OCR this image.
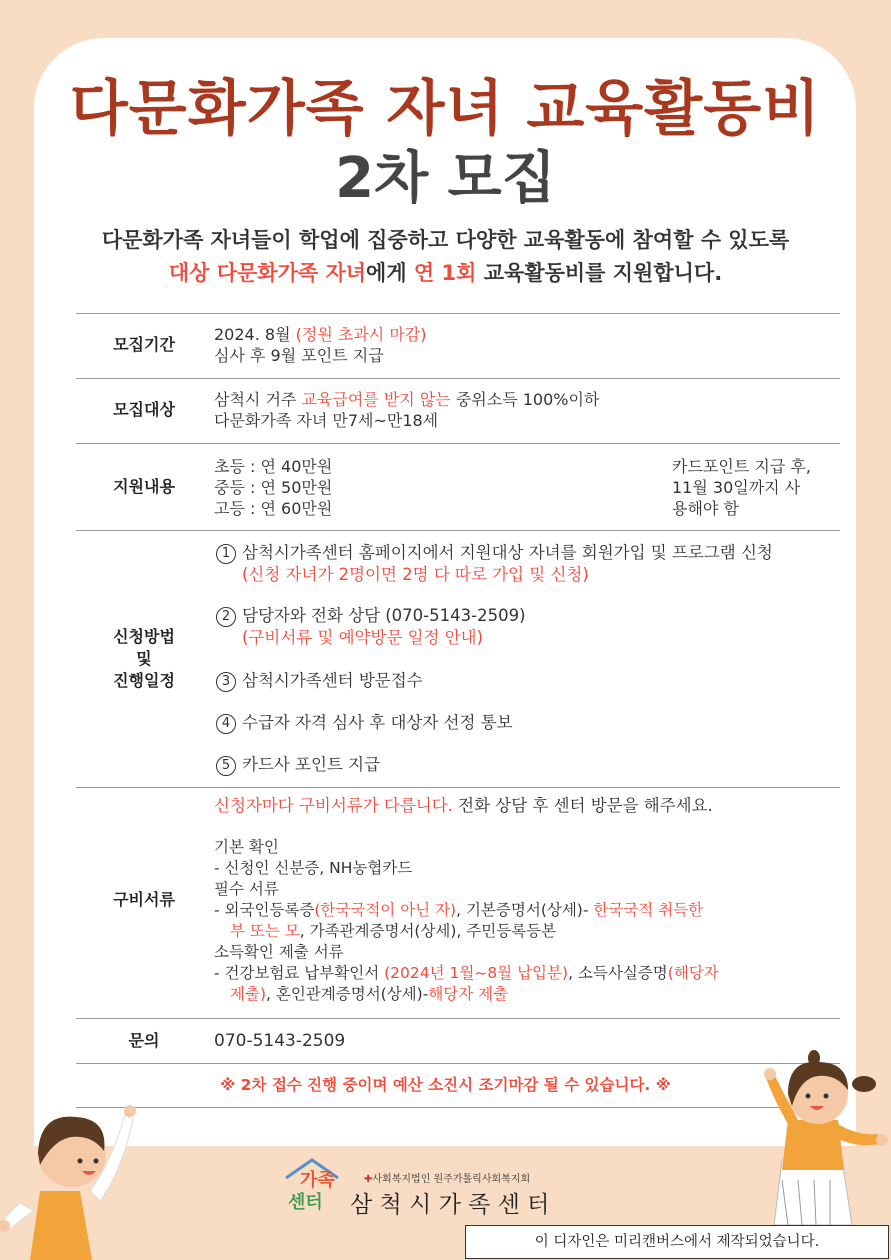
다문화가족 자녀 교육활동비
2차 모집
다문화가족 자녀들이 학업에 집중하고 다양한 교육활동에 참여할 수 있도록
대상 다문화가족 자녀에게 연 1회 교육활동비를 지원합니다.
모집기간
2024. 8월 (정원 초과시 마감)
심사 후 9월 포인트 지급
모집대상
삼척시 거주 교육급여를 받지 않는 중위소득 100%이하
다문화가족 자녀 만7세~만18세
지원내용
초등 : 연 40만원
중등 : 연 50만원
고등 : 연 60만원
카드포인트 지급 후,
11월 30일까지 사
용해야 함
신청방법
및
진행일정
1 삼척시가족센터 홈페이지에서 지원대상 자녀를 회원가입 및 프로그램 신청
(신청 자녀가 2명이면 2명 다 따로 가입 및 신청)
2 담당자와 전화 상담 (070-5143-2509)
(구비서류 및 예약방문 일정 안내)
3 삼척시가족센터 방문접수
4 수급자 자격 심사 후 대상자 선정 통보
5 카드사 포인트 지급
구비서류
신청자마다 구비서류가 다릅니다. 전화 상담 후 센터 방문을 해주세요.
기본 확인
- 신청인 신분증, NH농협카드
필수 서류
- 외국인등록증(한국국적이 아닌 자), 기본증명서(상세)- 한국국적 취득한
부 또는 모, 가족관계증명서(상세), 주민등록등본
소득확인 제출 서류
- 건강보험료 납부확인서 (2024년 1월~8월 납입분), 소득사실증명(해당자
제출), 혼인관계증명서(상세)-해당자 제출
문의	070-5143-2509
※ 2차 접수 진행 중이며 예산 소진시 조기마감 될 수 있습니다. ※
가족
센터
✚사회복지법인 원주가톨릭사회복지회
삼 척 시 가 족 센 터
이 디자인은 미리캔버스에서 제작되었습니다.
